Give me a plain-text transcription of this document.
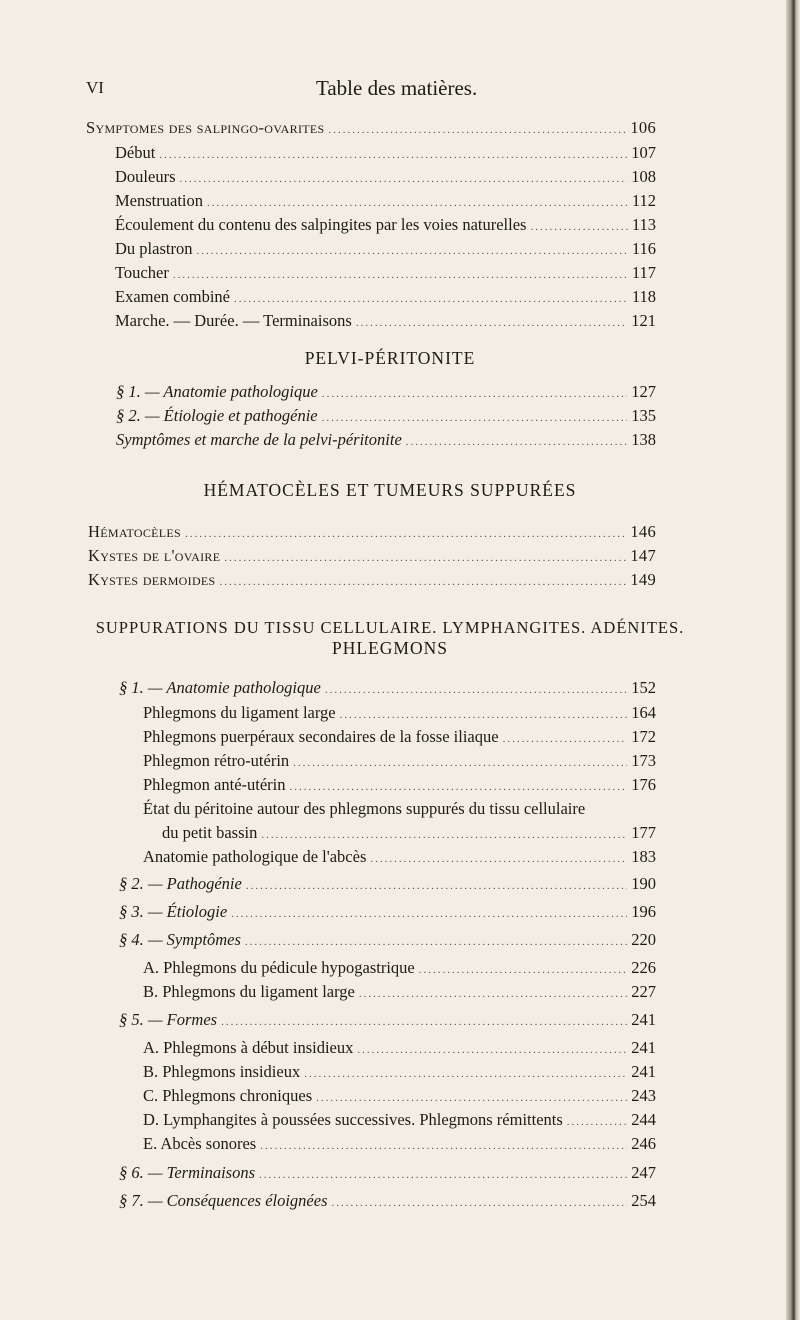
VI	Table des matières.
Symptomes des salpingo-ovarites .....	106
Début .....	107
Douleurs .....	108
Menstruation .....	112
Écoulement du contenu des salpingites par les voies naturelles .....	113
Du plastron .....	116
Toucher .....	117
Examen combiné .....	118
Marche. — Durée. — Terminaisons .....	121
PELVI-PÉRITONITE
§ 1. — Anatomie pathologique .....	127
§ 2. — Étiologie et pathogénie .....	135
Symptômes et marche de la pelvi-péritonite .....	138
HÉMATOCÈLES ET TUMEURS SUPPURÉES
Hématocèles .....	146
Kystes de l'ovaire .....	147
Kystes dermoides .....	149
SUPPURATIONS DU TISSU CELLULAIRE. LYMPHANGITES. ADÉNITES.
PHLEGMONS
§ 1. — Anatomie pathologique .....	152
Phlegmons du ligament large .....	164
Phlegmons puerpéraux secondaires de la fosse iliaque .....	172
Phlegmon rétro-utérin .....	173
Phlegmon anté-utérin .....	176
État du péritoine autour des phlegmons suppurés du tissu cellulaire
du petit bassin .....	177
Anatomie pathologique de l'abcès .....	183
§ 2. — Pathogénie .....	190
§ 3. — Étiologie .....	196
§ 4. — Symptômes .....	220
A. Phlegmons du pédicule hypogastrique .....	226
B. Phlegmons du ligament large .....	227
§ 5. — Formes .....	241
A. Phlegmons à début insidieux .....	241
B. Phlegmons insidieux .....	241
C. Phlegmons chroniques .....	243
D. Lymphangites à poussées successives. Phlegmons rémittents .....	244
E. Abcès sonores .....	246
§ 6. — Terminaisons .....	247
§ 7. — Conséquences éloignées .....	254
